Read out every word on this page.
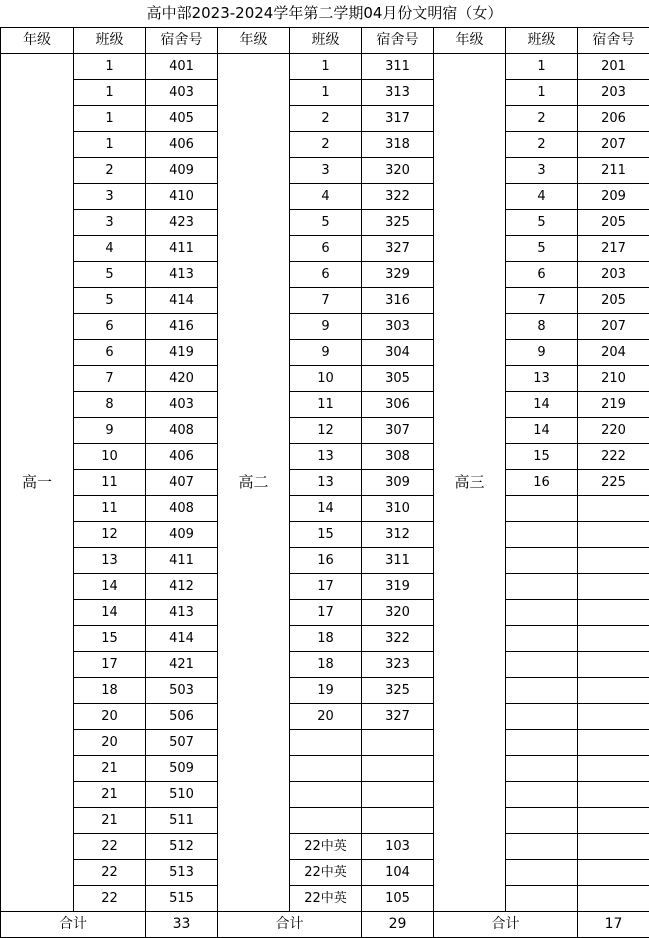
高中部2023-2024学年第二学期04月份文明宿（女）
年级	班级	宿舍号	年级	班级	宿舍号	年级	班级	宿舍号
高一	1	401	高二	1	311	高三	1	201
	1	403		1	313		1	203
	1	405		2	317		2	206
	1	406		2	318		2	207
	2	409		3	320		3	211
	3	410		4	322		4	209
	3	423		5	325		5	205
	4	411		6	327		5	217
	5	413		6	329		6	203
	5	414		7	316		7	205
	6	416		9	303		8	207
	6	419		9	304		9	204
	7	420		10	305		13	210
	8	403		11	306		14	219
	9	408		12	307		14	220
	10	406		13	308		15	222
	11	407		13	309		16	225
	11	408		14	310			
	12	409		15	312			
	13	411		16	311			
	14	412		17	319			
	14	413		17	320			
	15	414		18	322			
	17	421		18	323			
	18	503		19	325			
	20	506		20	327			
	20	507						
	21	509						
	21	510						
	21	511						
	22	512		22中英	103			
	22	513		22中英	104			
	22	515		22中英	105			
合计		33	合计		29	合计		17
